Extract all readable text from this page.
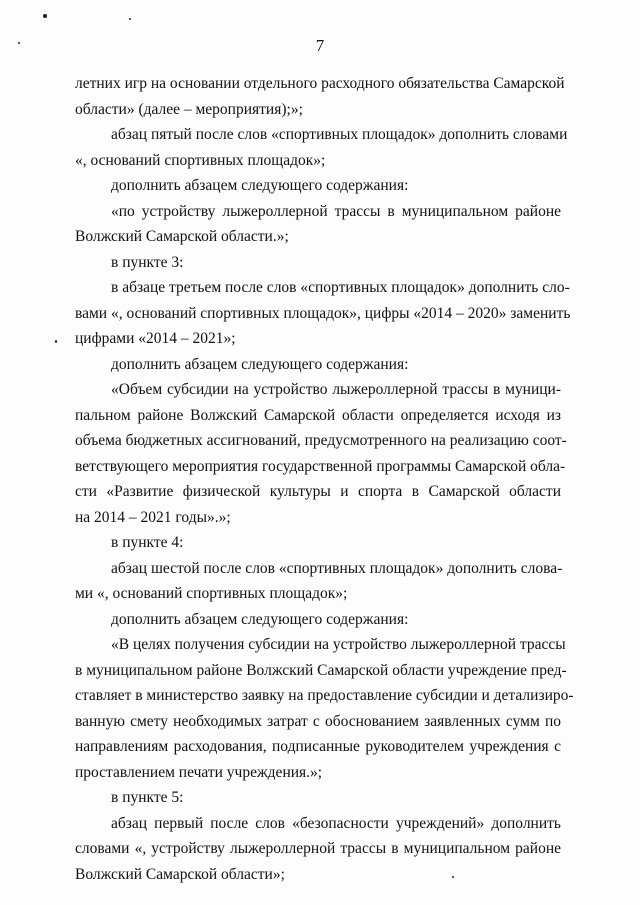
7
летних игр на основании отдельного расходного обязательства Самарской
области» (далее – мероприятия);»;
абзац пятый после слов «спортивных площадок» дополнить словами
«, оснований спортивных площадок»;
дополнить абзацем следующего содержания:
«по устройству лыжероллерной трассы в муниципальном районе
Волжский Самарской области.»;
в пункте 3:
в абзаце третьем после слов «спортивных площадок» дополнить сло-
вами «, оснований спортивных площадок», цифры «2014 – 2020» заменить
цифрами «2014 – 2021»;
дополнить абзацем следующего содержания:
«Объем субсидии на устройство лыжероллерной трассы в муници-
пальном районе Волжский Самарской области определяется исходя из
объема бюджетных ассигнований, предусмотренного на реализацию соот-
ветствующего мероприятия государственной программы Самарской обла-
сти «Развитие физической культуры и спорта в Самарской области
на 2014 – 2021 годы».»;
в пункте 4:
абзац шестой после слов «спортивных площадок» дополнить слова-
ми «, оснований спортивных площадок»;
дополнить абзацем следующего содержания:
«В целях получения субсидии на устройство лыжероллерной трассы
в муниципальном районе Волжский Самарской области учреждение пред-
ставляет в министерство заявку на предоставление субсидии и детализиро-
ванную смету необходимых затрат с обоснованием заявленных сумм по
направлениям расходования, подписанные руководителем учреждения с
проставлением печати учреждения.»;
в пункте 5:
абзац первый после слов «безопасности учреждений» дополнить
словами «, устройству лыжероллерной трассы в муниципальном районе
Волжский Самарской области»;
